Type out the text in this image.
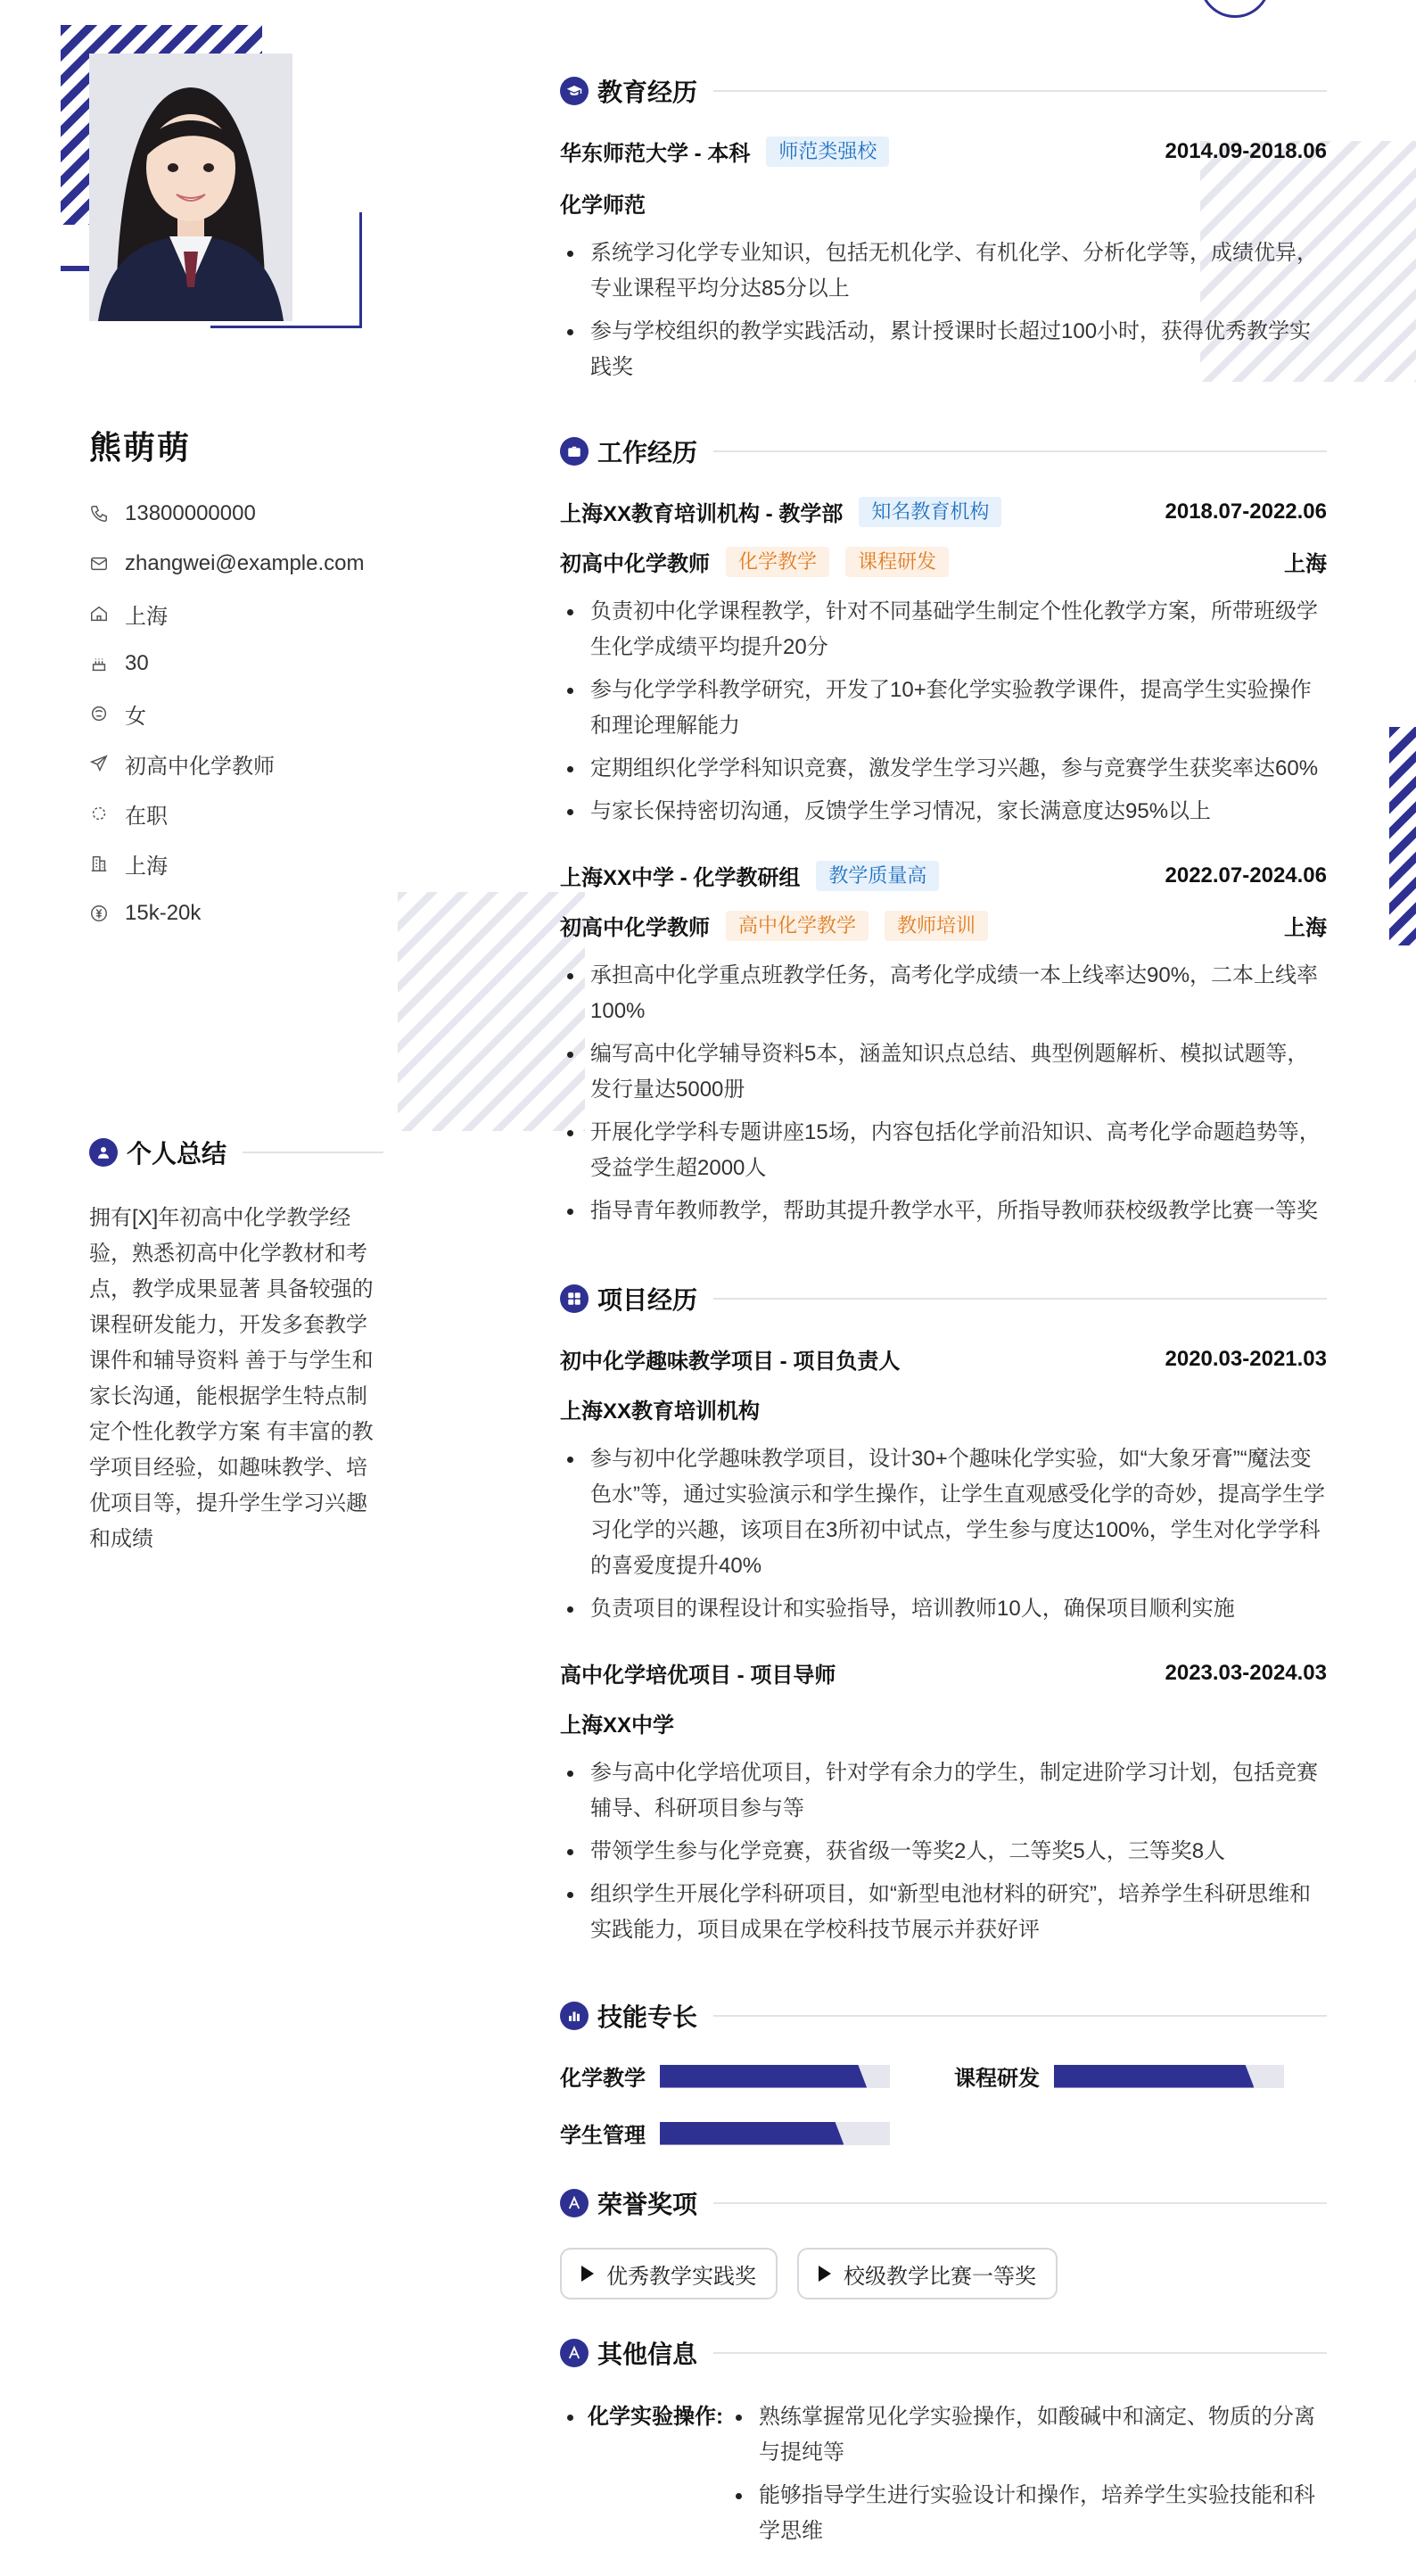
熊萌萌
13800000000
zhangwei@example.com
上海
30
女
初高中化学教师
在职
上海
15k-20k
个人总结
拥有[X]年初高中化学教学经验，熟悉初高中化学教材和考点，教学成果显著 具备较强的课程研发能力，开发多套教学课件和辅导资料 善于与学生和家长沟通，能根据学生特点制定个性化教学方案 有丰富的教学项目经验，如趣味教学、培优项目等，提升学生学习兴趣和成绩
教育经历
华东师范大学 - 本科	师范类强校	2014.09-2018.06
化学师范
系统学习化学专业知识，包括无机化学、有机化学、分析化学等，成绩优异，专业课程平均分达85分以上
参与学校组织的教学实践活动，累计授课时长超过100小时，获得优秀教学实践奖
工作经历
上海XX教育培训机构 - 教学部	知名教育机构	2018.07-2022.06
初高中化学教师	化学教学	课程研发	上海
负责初中化学课程教学，针对不同基础学生制定个性化教学方案，所带班级学生化学成绩平均提升20分
参与化学学科教学研究，开发了10+套化学实验教学课件，提高学生实验操作和理论理解能力
定期组织化学学科知识竞赛，激发学生学习兴趣，参与竞赛学生获奖率达60%
与家长保持密切沟通，反馈学生学习情况，家长满意度达95%以上
上海XX中学 - 化学教研组	教学质量高	2022.07-2024.06
初高中化学教师	高中化学教学	教师培训	上海
承担高中化学重点班教学任务，高考化学成绩一本上线率达90%，二本上线率100%
编写高中化学辅导资料5本，涵盖知识点总结、典型例题解析、模拟试题等，发行量达5000册
开展化学学科专题讲座15场，内容包括化学前沿知识、高考化学命题趋势等，受益学生超2000人
指导青年教师教学，帮助其提升教学水平，所指导教师获校级教学比赛一等奖
项目经历
初中化学趣味教学项目 - 项目负责人	2020.03-2021.03
上海XX教育培训机构
参与初中化学趣味教学项目，设计30+个趣味化学实验，如“大象牙膏”“魔法变色水”等，通过实验演示和学生操作，让学生直观感受化学的奇妙，提高学生学习化学的兴趣，该项目在3所初中试点，学生参与度达100%，学生对化学学科的喜爱度提升40%
负责项目的课程设计和实验指导，培训教师10人，确保项目顺利实施
高中化学培优项目 - 项目导师	2023.03-2024.03
上海XX中学
参与高中化学培优项目，针对学有余力的学生，制定进阶学习计划，包括竞赛辅导、科研项目参与等
带领学生参与化学竞赛，获省级一等奖2人，二等奖5人，三等奖8人
组织学生开展化学科研项目，如“新型电池材料的研究”，培养学生科研思维和实践能力，项目成果在学校科技节展示并获好评
技能专长
化学教学	课程研发
学生管理
荣誉奖项
优秀教学实践奖	校级教学比赛一等奖
其他信息
化学实验操作:	熟练掌握常见化学实验操作，如酸碱中和滴定、物质的分离与提纯等
能够指导学生进行实验设计和操作，培养学生实验技能和科学思维
